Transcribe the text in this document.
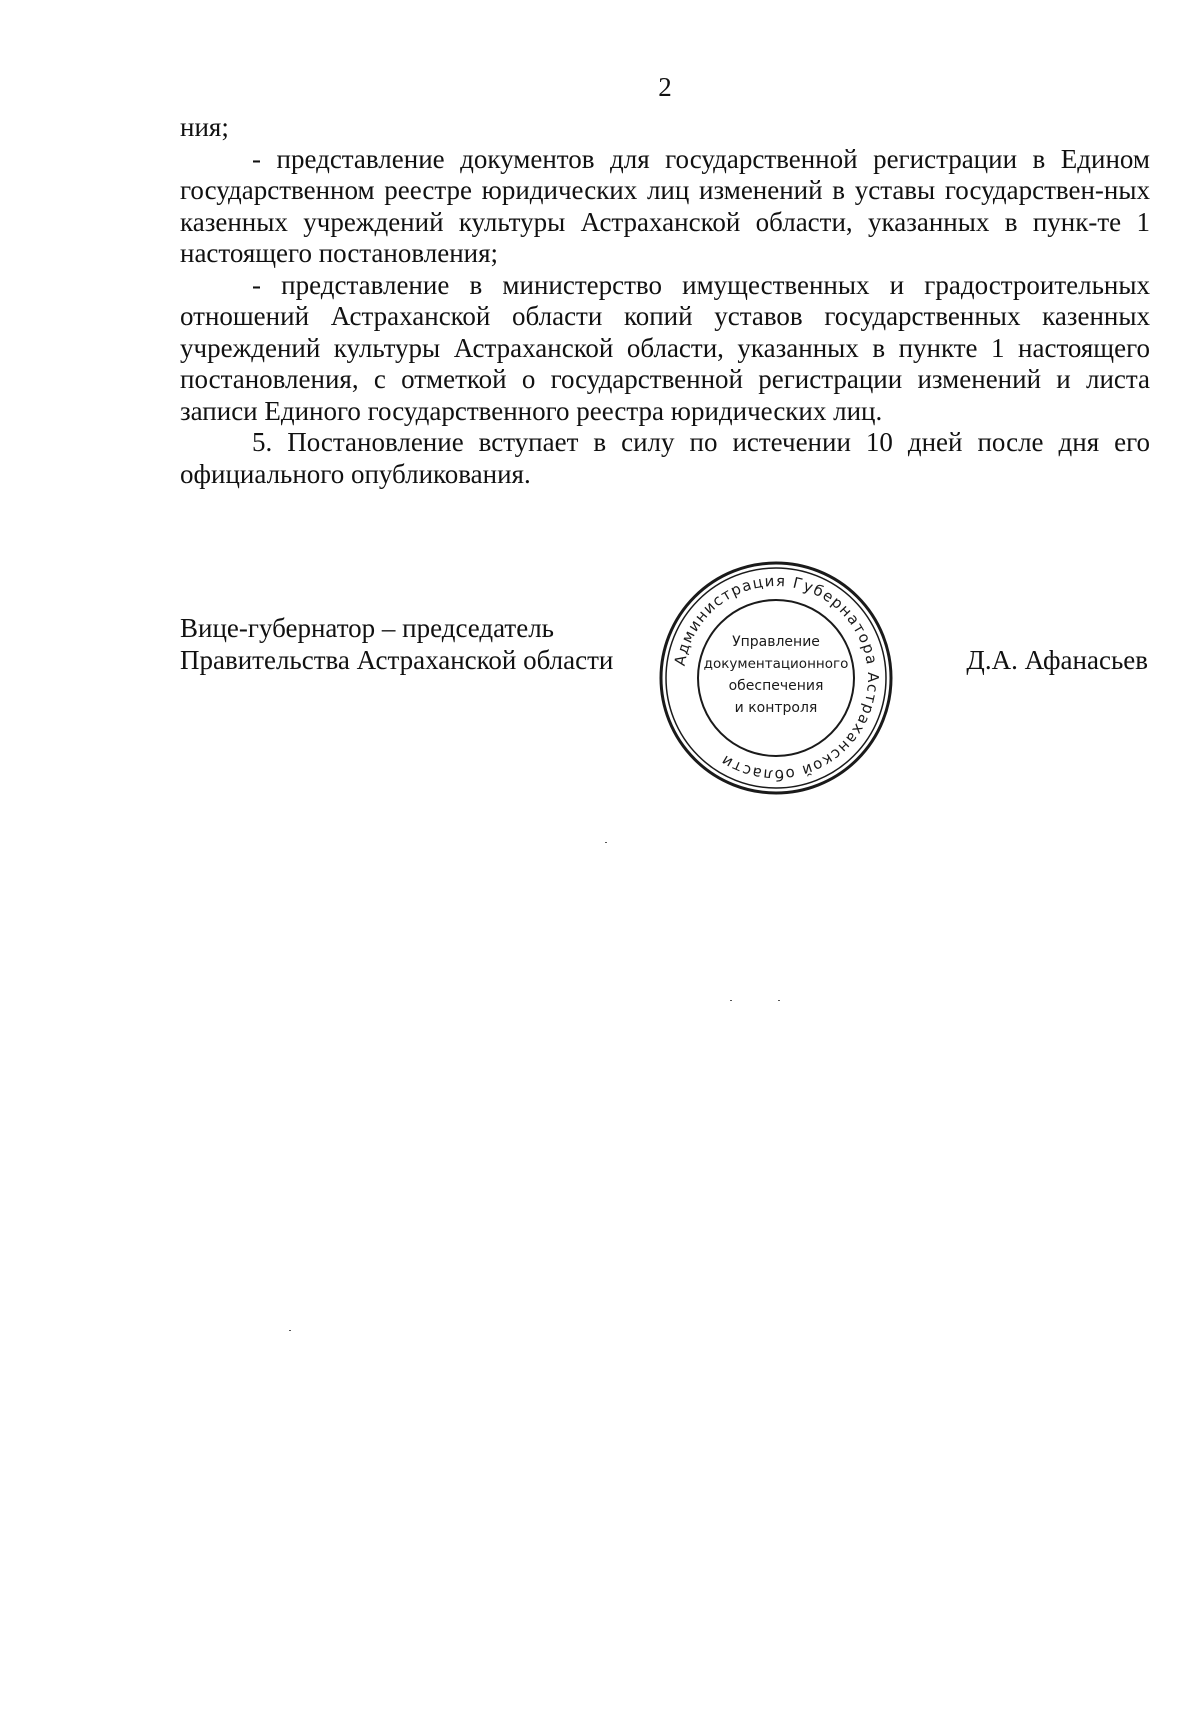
2

ния;

- представление документов для государственной регистрации в Едином государственном реестре юридических лиц изменений в уставы государствен-ных казенных учреждений культуры Астраханской области, указанных в пунк-те 1 настоящего постановления;

- представление в министерство имущественных и градостроительных отношений Астраханской области копий уставов государственных казенных учреждений культуры Астраханской области, указанных в пункте 1 настоящего постановления, с отметкой о государственной регистрации изменений и листа записи Единого государственного реестра юридических лиц.

5. Постановление вступает в силу по истечении 10 дней после дня его официального опубликования.

Вице-губернатор – председатель
Правительства Астраханской области	Д.А. Афанасьев
Администрация Губернатора Астраханской области
Управление
документационного
обеспечения
и контроля
